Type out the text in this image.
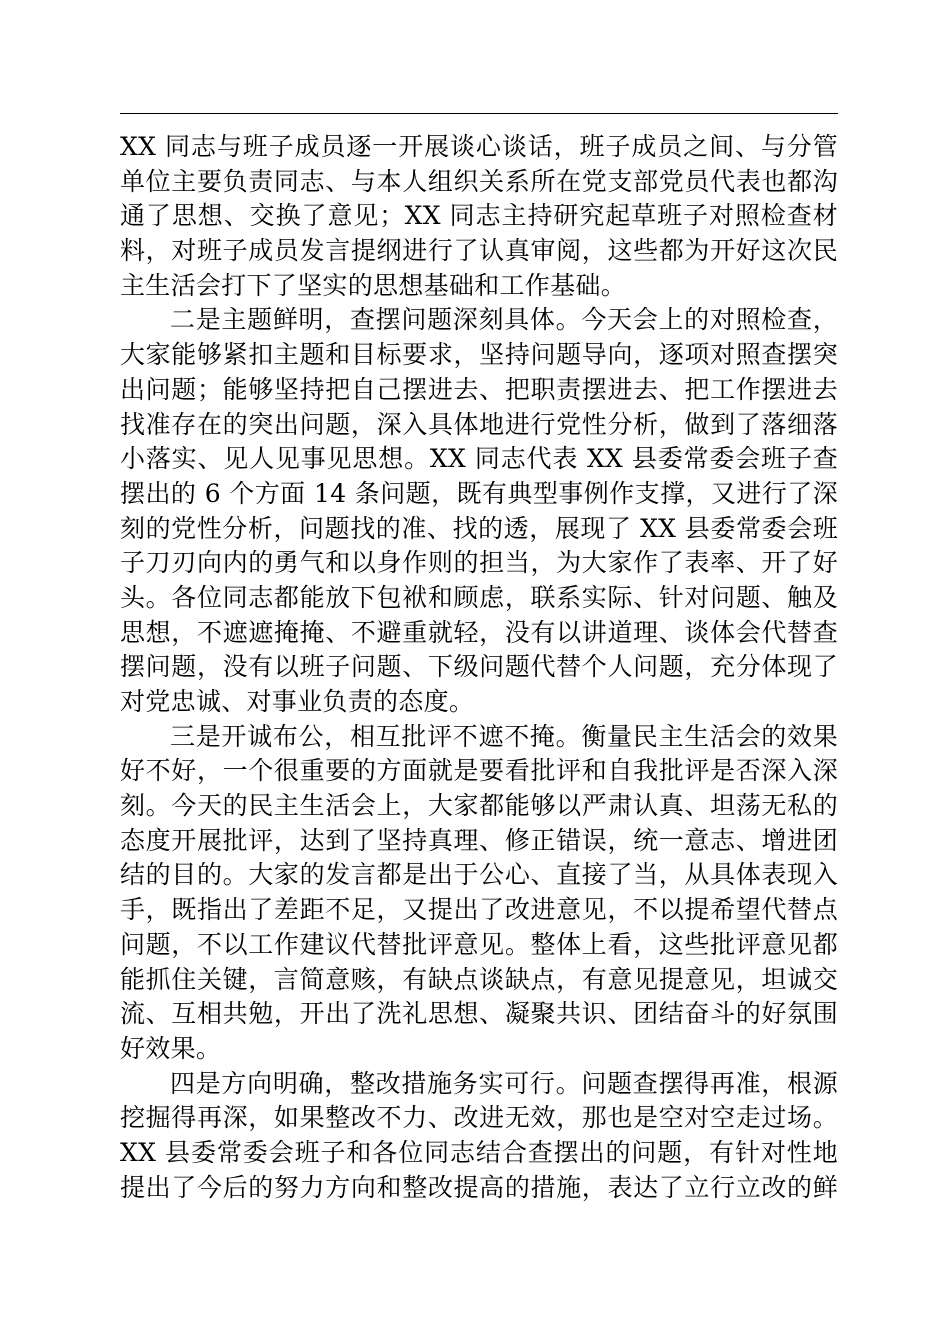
XX 同志与班子成员逐一开展谈心谈话，班子成员之间、与分管
单位主要负责同志、与本人组织关系所在党支部党员代表也都沟
通了思想、交换了意见；XX 同志主持研究起草班子对照检查材
料，对班子成员发言提纲进行了认真审阅，这些都为开好这次民
主生活会打下了坚实的思想基础和工作基础。
二是主题鲜明，查摆问题深刻具体。今天会上的对照检查，
大家能够紧扣主题和目标要求，坚持问题导向，逐项对照查摆突
出问题；能够坚持把自己摆进去、把职责摆进去、把工作摆进去
找准存在的突出问题，深入具体地进行党性分析，做到了落细落
小落实、见人见事见思想。XX 同志代表 XX 县委常委会班子查
摆出的 6 个方面 14 条问题，既有典型事例作支撑，又进行了深
刻的党性分析，问题找的准、找的透，展现了 XX 县委常委会班
子刀刃向内的勇气和以身作则的担当，为大家作了表率、开了好
头。各位同志都能放下包袱和顾虑，联系实际、针对问题、触及
思想，不遮遮掩掩、不避重就轻，没有以讲道理、谈体会代替查
摆问题，没有以班子问题、下级问题代替个人问题，充分体现了
对党忠诚、对事业负责的态度。
三是开诚布公，相互批评不遮不掩。衡量民主生活会的效果
好不好，一个很重要的方面就是要看批评和自我批评是否深入深
刻。今天的民主生活会上，大家都能够以严肃认真、坦荡无私的
态度开展批评，达到了坚持真理、修正错误，统一意志、增进团
结的目的。大家的发言都是出于公心、直接了当，从具体表现入
手，既指出了差距不足，又提出了改进意见，不以提希望代替点
问题，不以工作建议代替批评意见。整体上看，这些批评意见都
能抓住关键，言简意赅，有缺点谈缺点，有意见提意见，坦诚交
流、互相共勉，开出了洗礼思想、凝聚共识、团结奋斗的好氛围
好效果。
四是方向明确，整改措施务实可行。问题查摆得再准，根源
挖掘得再深，如果整改不力、改进无效，那也是空对空走过场。
XX 县委常委会班子和各位同志结合查摆出的问题，有针对性地
提出了今后的努力方向和整改提高的措施，表达了立行立改的鲜
